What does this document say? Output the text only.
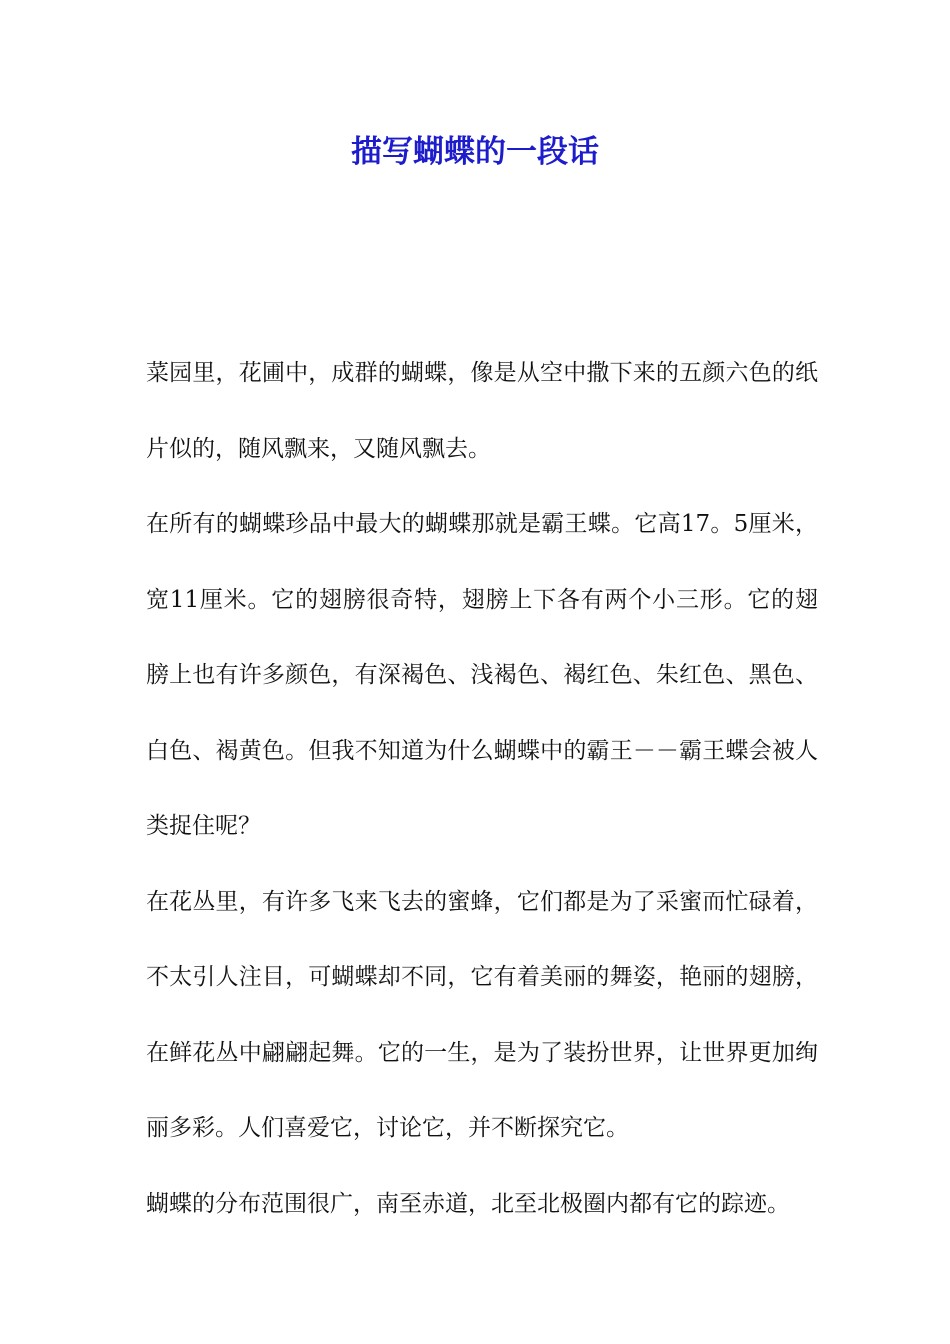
描写蝴蝶的一段话

菜园里，花圃中，成群的蝴蝶，像是从空中撒下来的五颜六色的纸片似的，随风飘来，又随风飘去。

在所有的蝴蝶珍品中最大的蝴蝶那就是霸王蝶。它高17。5厘米，宽11厘米。它的翅膀很奇特，翅膀上下各有两个小三形。它的翅膀上也有许多颜色，有深褐色、浅褐色、褐红色、朱红色、黑色、白色、褐黄色。但我不知道为什么蝴蝶中的霸王－－霸王蝶会被人类捉住呢？

在花丛里，有许多飞来飞去的蜜蜂，它们都是为了采蜜而忙碌着，不太引人注目，可蝴蝶却不同，它有着美丽的舞姿，艳丽的翅膀，在鲜花丛中翩翩起舞。它的一生，是为了装扮世界，让世界更加绚丽多彩。人们喜爱它，讨论它，并不断探究它。

蝴蝶的分布范围很广，南至赤道，北至北极圈内都有它的踪迹。
